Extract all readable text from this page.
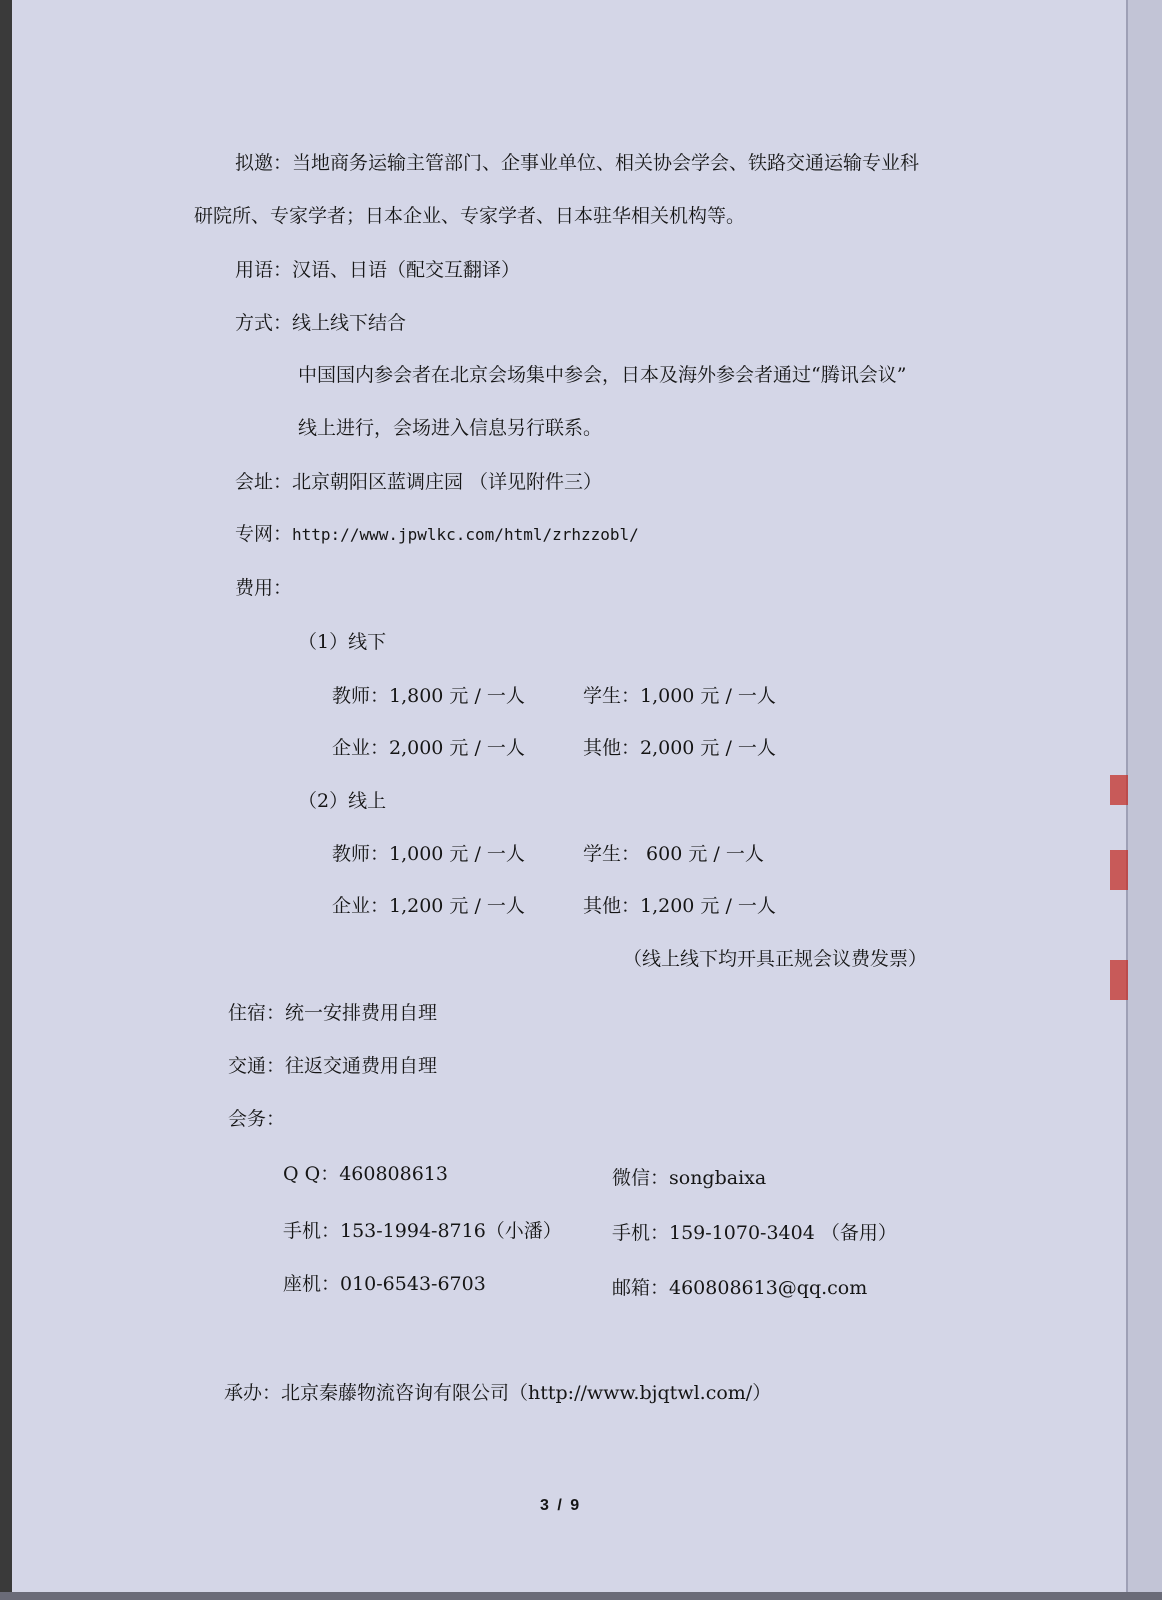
拟邀：当地商务运输主管部门、企事业单位、相关协会学会、铁路交通运输专业科
研院所、专家学者；日本企业、专家学者、日本驻华相关机构等。
用语：汉语、日语（配交互翻译）
方式：线上线下结合
中国国内参会者在北京会场集中参会，日本及海外参会者通过“腾讯会议”
线上进行，会场进入信息另行联系。
会址：北京朝阳区蓝调庄园 （详见附件三）
专网：http://www.jpwlkc.com/html/zrhzzobl/
费用：
（1）线下
教师：1,800 元 / 一人	学生：1,000 元 / 一人
企业：2,000 元 / 一人	其他：2,000 元 / 一人
（2）线上
教师：1,000 元 / 一人	学生： 600 元 / 一人
企业：1,200 元 / 一人	其他：1,200 元 / 一人
（线上线下均开具正规会议费发票）
住宿：统一安排费用自理
交通：往返交通费用自理
会务：
Q Q：460808613	微信：songbaixa
手机：153-1994-8716（小潘）	手机：159-1070-3404 （备用）
座机：010-6543-6703	邮箱：460808613@qq.com
承办：北京秦藤物流咨询有限公司（http://www.bjqtwl.com/）
3 / 9
